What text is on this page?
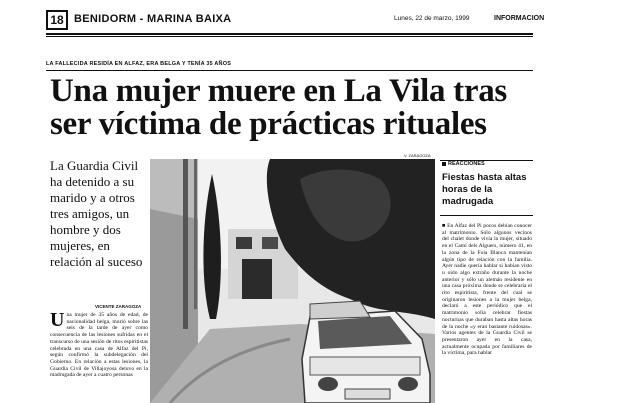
18 BENIDORM - MARINA BAIXA	Lunes, 22 de marzo, 1999	INFORMACION
LA FALLECIDA RESIDÍA EN ALFAZ, ERA BELGA Y TENÍA 35 AÑOS
Una mujer muere en La Vila tras ser víctima de prácticas rituales
La Guardia Civil ha detenido a su marido y a otros tres amigos, un hombre y dos mujeres, en relación al suceso
VICENTE ZARAGOZA
Una mujer de 35 años de edad, de nacionalidad belga, murió sobre las seis de la tarde de ayer como consecuencia de las lesiones sufridas en el transcurso de una sesión de ritos espiritistas celebrada en una casa de Alfaz del Pi, según confirmó la subdelegación del Gobierno. En relación a estas lesiones, la Guardia Civil de Villajoyosa detuvo en la madrugada de ayer a cuatro personas
V. ZARAGOZA
REACCIONES
Fiestas hasta altas horas de la madrugada
■ En Alfaz del Pi pocos debían conocer al matrimonio. Sólo algunos vecinos del chalet donde vivía la mujer, situado en el Camí dels Alguers, número 41, en la zona de la Foia Blanca mantenían algún tipo de relación con la familia. Ayer nadie quería hablar si habían visto u oído algo extraño durante la noche anterior y sólo un alemán residente en una casa próxima donde se celebraría el rito espiritista, frente del cual se originaron lesiones a la mujer belga, declaró a este periódico que el matrimonio solía celebrar fiestas nocturnas que duraban hasta altas horas de la noche «y eran bastante ruidosas». Varios agentes de la Guardia Civil se presentaron ayer en la casa, actualmente ocupada por familiares de la víctima, para hablar
